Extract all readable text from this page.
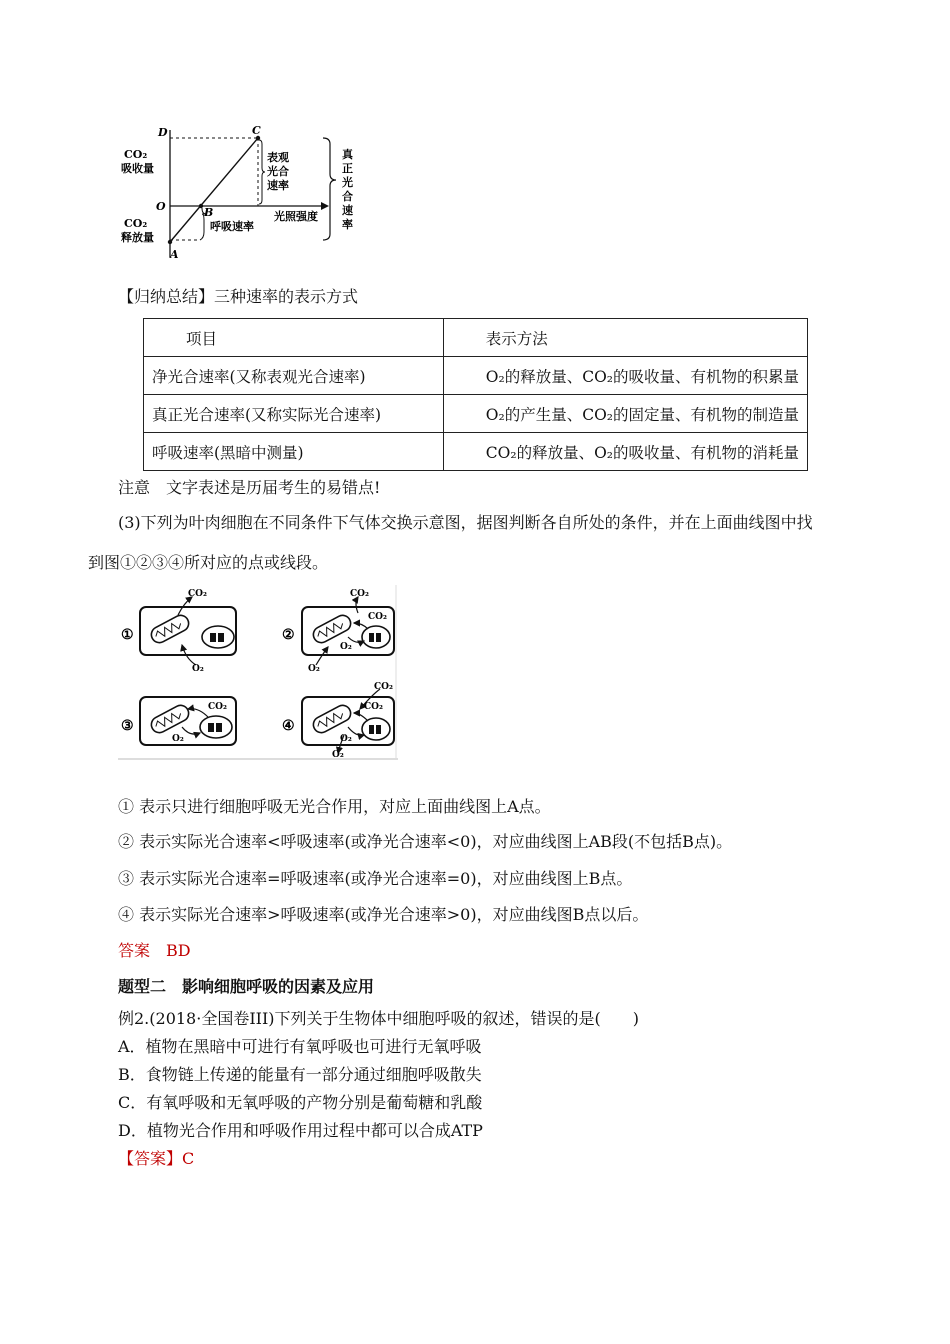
D	C
O	B
A
CO₂
吸收量
CO₂
释放量
表观
光合
速率
真
正
光
合
速
率
光照强度
呼吸速率
【归纳总结】三种速率的表示方式
项目	表示方法
净光合速率(又称表观光合速率)	O₂的释放量、CO₂的吸收量、有机物的积累量
真正光合速率(又称实际光合速率)	O₂的产生量、CO₂的固定量、有机物的制造量
呼吸速率(黑暗中测量)	CO₂的释放量、O₂的吸收量、有机物的消耗量
注意　文字表述是历届考生的易错点!
(3)下列为叶肉细胞在不同条件下气体交换示意图，据图判断各自所处的条件，并在上面曲线图中找
到图①②③④所对应的点或线段。
①
CO₂
O₂
②
CO₂
CO₂
O₂
O₂
③
CO₂
O₂
④
CO₂
CO₂
O₂
O₂
① 表示只进行细胞呼吸无光合作用，对应上面曲线图上A点。
② 表示实际光合速率<呼吸速率(或净光合速率<0)，对应曲线图上AB段(不包括B点)。
③ 表示实际光合速率=呼吸速率(或净光合速率=0)，对应曲线图上B点。
④ 表示实际光合速率>呼吸速率(或净光合速率>0)，对应曲线图B点以后。
答案　BD
题型二　影响细胞呼吸的因素及应用
例2.(2018·全国卷III)下列关于生物体中细胞呼吸的叙述，错误的是(　　)
A．植物在黑暗中可进行有氧呼吸也可进行无氧呼吸
B．食物链上传递的能量有一部分通过细胞呼吸散失
C．有氧呼吸和无氧呼吸的产物分别是葡萄糖和乳酸
D．植物光合作用和呼吸作用过程中都可以合成ATP
【答案】C
